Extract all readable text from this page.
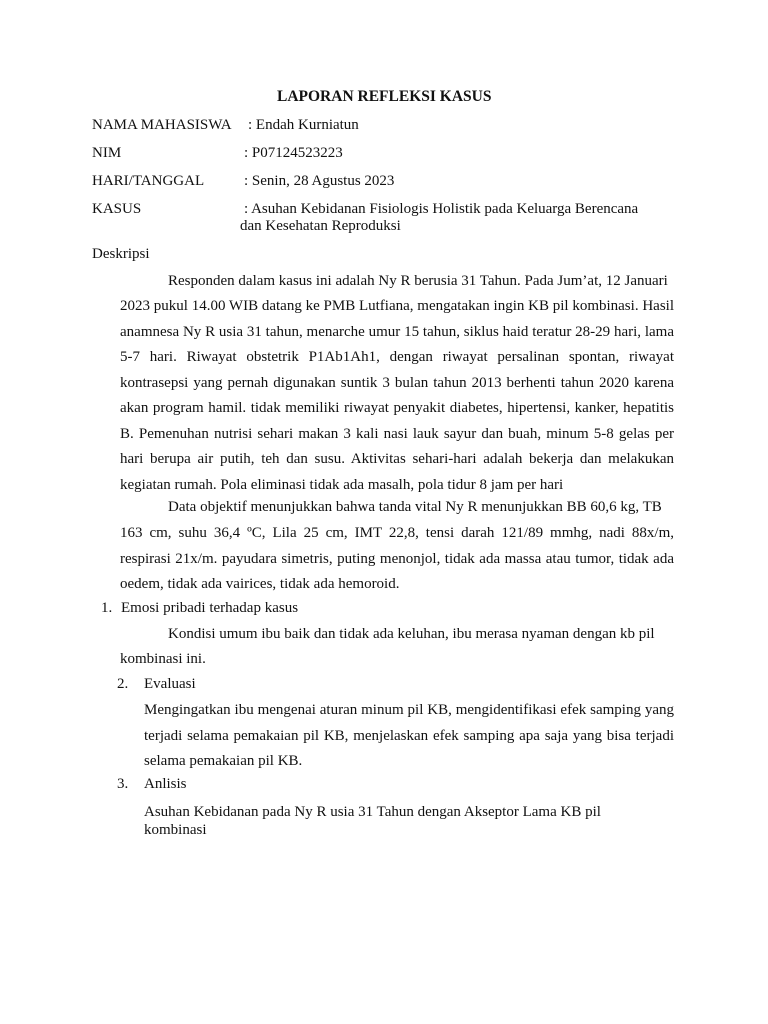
LAPORAN REFLEKSI KASUS
NAMA MAHASISWA : Endah Kurniatun
NIM	: P07124523223
HARI/TANGGAL	: Senin, 28 Agustus 2023
KASUS	: Asuhan Kebidanan Fisiologis Holistik pada Keluarga Berencana
dan Kesehatan Reproduksi
Deskripsi
Responden dalam kasus ini adalah Ny R berusia 31 Tahun. Pada Jum’at, 12 Januari

2023 pukul 14.00 WIB datang ke PMB Lutfiana, mengatakan ingin KB pil kombinasi. Hasil anamnesa Ny R usia 31 tahun, menarche umur 15 tahun, siklus haid teratur 28-29 hari, lama 5-7 hari. Riwayat obstetrik P1Ab1Ah1, dengan riwayat persalinan spontan, riwayat kontrasepsi yang pernah digunakan suntik 3 bulan tahun 2013 berhenti tahun 2020 karena akan program hamil. tidak memiliki riwayat penyakit diabetes, hipertensi, kanker, hepatitis B. Pemenuhan nutrisi sehari makan 3 kali nasi lauk sayur dan buah, minum 5-8 gelas per hari berupa air putih, teh dan susu. Aktivitas sehari-hari adalah bekerja dan melakukan kegiatan rumah. Pola eliminasi tidak ada masalh, pola tidur 8 jam per hari

Data objektif menunjukkan bahwa tanda vital Ny R menunjukkan BB 60,6 kg, TB

163 cm, suhu 36,4 ºC, Lila 25 cm, IMT 22,8, tensi darah 121/89 mmhg, nadi 88x/m, respirasi 21x/m. payudara simetris, puting menonjol, tidak ada massa atau tumor, tidak ada oedem, tidak ada vairices, tidak ada hemoroid.

1. Emosi pribadi terhadap kasus
Kondisi umum ibu baik dan tidak ada keluhan, ibu merasa nyaman dengan kb pil
kombinasi ini.
2. Evaluasi

Mengingatkan ibu mengenai aturan minum pil KB, mengidentifikasi efek samping yang terjadi selama pemakaian pil KB, menjelaskan efek samping apa saja yang bisa terjadi selama pemakaian pil KB.

3. Anlisis
Asuhan Kebidanan pada Ny R usia 31 Tahun dengan Akseptor Lama KB pil
kombinasi
